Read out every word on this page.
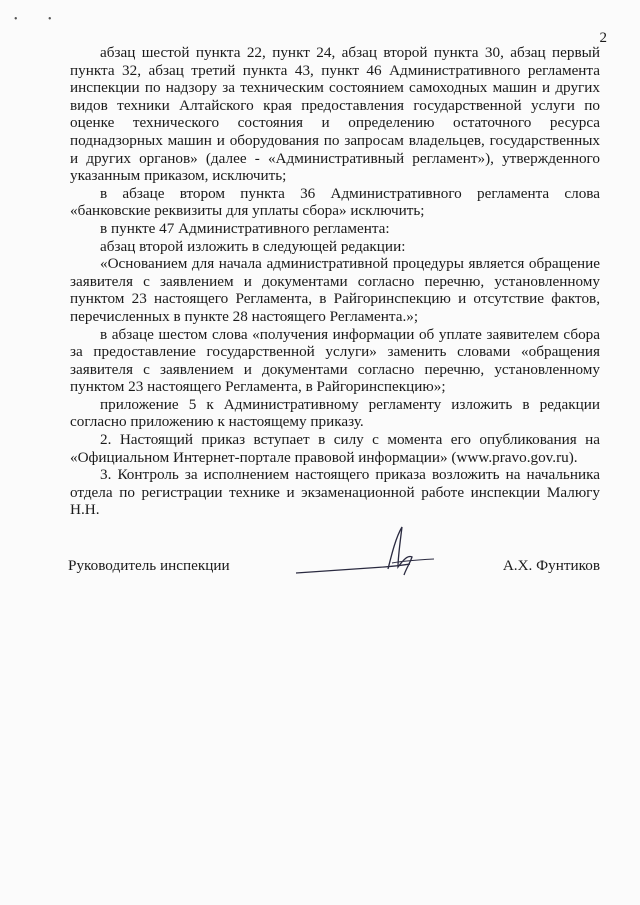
• •
2

абзац шестой пункта 22, пункт 24, абзац второй пункта 30, абзац первый пункта 32, абзац третий пункта 43, пункт 46 Административного регламента инспекции по надзору за техническим состоянием самоходных машин и других видов техники Алтайского края предоставления государственной услуги по оценке технического состояния и определению остаточного ресурса поднадзорных машин и оборудования по запросам владельцев, государственных и других органов» (далее - «Административный регламент»), утвержденного указанным приказом, исключить;

в абзаце втором пункта 36 Административного регламента слова «банковские реквизиты для уплаты сбора» исключить;

в пункте 47 Административного регламента:

абзац второй изложить в следующей редакции:

«Основанием для начала административной процедуры является обращение заявителя с заявлением и документами согласно перечню, установленному пунктом 23 настоящего Регламента, в Райгоринспекцию и отсутствие фактов, перечисленных в пункте 28 настоящего Регламента.»;

в абзаце шестом слова «получения информации об уплате заявителем сбора за предоставление государственной услуги» заменить словами «обращения заявителя с заявлением и документами согласно перечню, установленному пунктом 23 настоящего Регламента, в Райгоринспекцию»;

приложение 5 к Административному регламенту изложить в редакции согласно приложению к настоящему приказу.

2. Настоящий приказ вступает в силу с момента его опубликования на «Официальном Интернет-портале правовой информации» (www.pravo.gov.ru).

3. Контроль за исполнением настоящего приказа возложить на начальника отдела по регистрации технике и экзаменационной работе инспекции Малюгу Н.Н.

Руководитель инспекции	А.Х. Фунтиков
